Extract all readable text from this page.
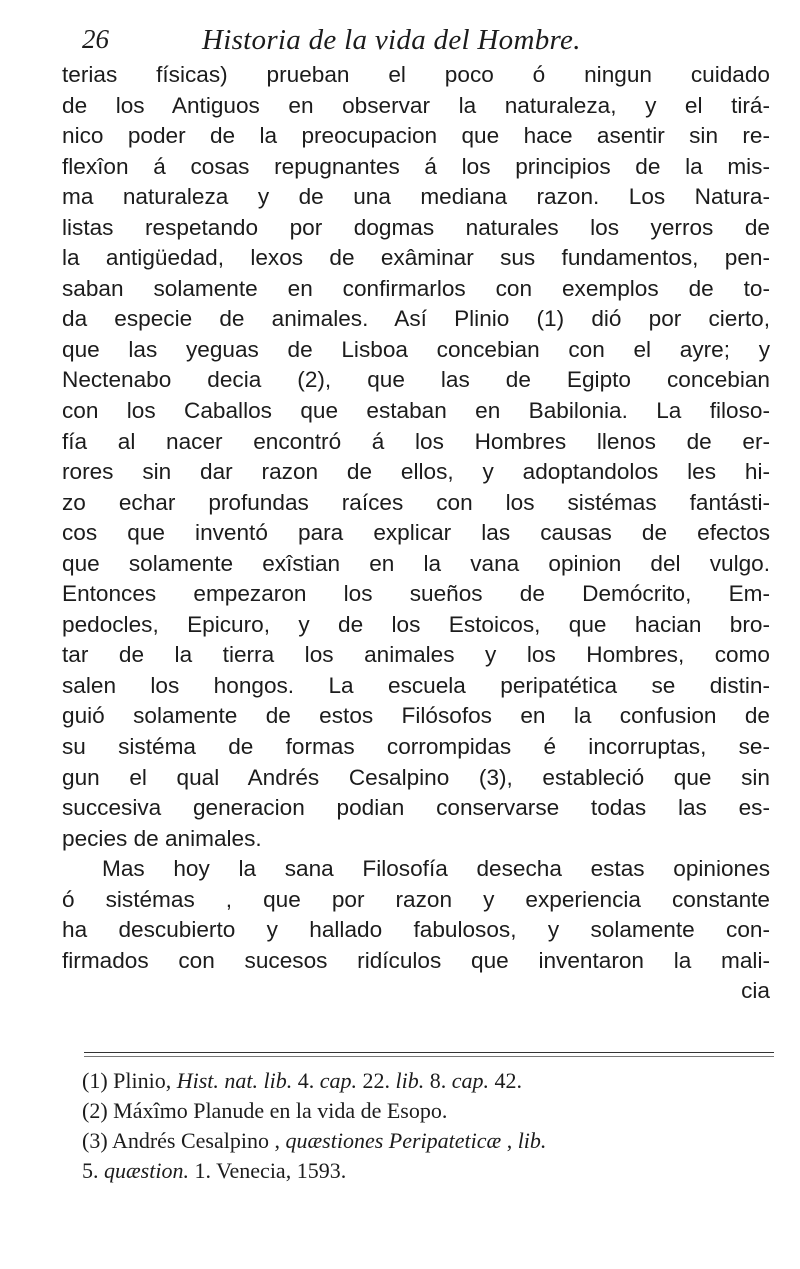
26	Historia de la vida del Hombre.
terias físicas) prueban el poco ó ningun cuidado
de los Antiguos en observar la naturaleza, y el tirá-
nico poder de la preocupacion que hace asentir sin re-
flexîon á cosas repugnantes á los principios de la mis-
ma naturaleza y de una mediana razon. Los Natura-
listas respetando por dogmas naturales los yerros de
la antigüedad, lexos de exâminar sus fundamentos, pen-
saban solamente en confirmarlos con exemplos de to-
da especie de animales. Así Plinio (1) dió por cierto,
que las yeguas de Lisboa concebian con el ayre; y
Nectenabo decia (2), que las de Egipto concebian
con los Caballos que estaban en Babilonia. La filoso-
fía al nacer encontró á los Hombres llenos de er-
rores sin dar razon de ellos, y adoptandolos les hi-
zo echar profundas raíces con los sistémas fantásti-
cos que inventó para explicar las causas de efectos
que solamente exîstian en la vana opinion del vulgo.
Entonces empezaron los sueños de Demócrito, Em-
pedocles, Epicuro, y de los Estoicos, que hacian bro-
tar de la tierra los animales y los Hombres, como
salen los hongos. La escuela peripatética se distin-
guió solamente de estos Filósofos en la confusion de
su sistéma de formas corrompidas é incorruptas, se-
gun el qual Andrés Cesalpino (3), estableció que sin
succesiva generacion podian conservarse todas las es-
pecies de animales.
Mas hoy la sana Filosofía desecha estas opiniones
ó sistémas , que por razon y experiencia constante
ha descubierto y hallado fabulosos, y solamente con-
firmados con sucesos ridículos que inventaron la mali-
cia
(1) Plinio, Hist. nat. lib. 4. cap. 22. lib. 8. cap. 42.
(2) Máxîmo Planude en la vida de Esopo.
(3) Andrés Cesalpino , quæstiones Peripateticæ , lib.
5. quæstion. 1. Venecia, 1593.
